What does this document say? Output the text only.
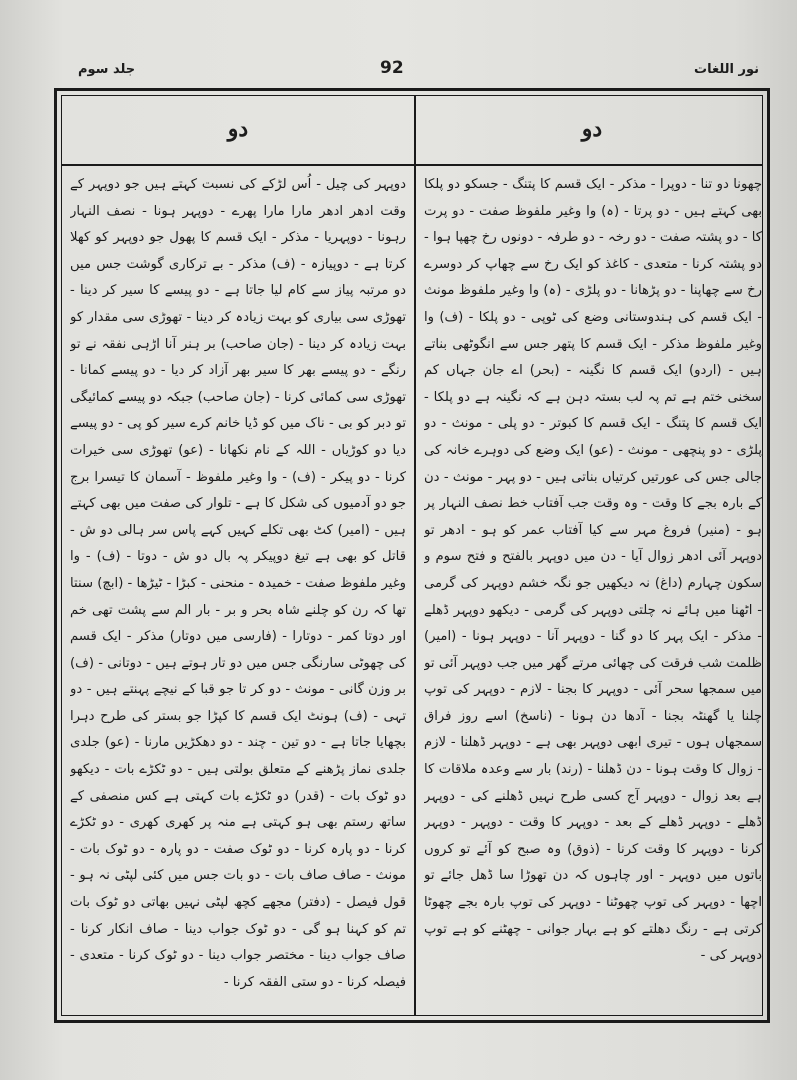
جلد سوم	92	نور اللغات
دو	دو

دوپہر کی چیل - اُس لڑکے کی نسبت کہتے ہیں جو دوپہر کے وقت ادھر ادھر مارا مارا پھرے - دوپہر ہونا - نصف النہار رہونا - دوپہریا - مذکر - ایک قسم کا پھول جو دوپہر کو کھلا کرتا ہے - دوپیازہ - (ف) مذکر - بے ترکاری گوشت جس میں دو مرتبہ پیاز سے کام لیا جاتا ہے - دو پیسے کا سیر کر دینا - تھوڑی سی بیاری کو بہت زیادہ کر دینا - تھوڑی سی مقدار کو بہت زیادہ کر دینا - (جان صاحب) بر ہنر آنا اڑہی نفقہ نے تو رنگے - دو پیسے بھر کا سیر بھر آزاد کر دیا - دو پیسے کمانا - تھوڑی سی کمائی کرنا - (جان صاحب) جبکہ دو پیسے کمائیگی تو دبر کو بی - ناک میں کو ڈیا خانم کرے سیر کو پی - دو پیسے دیا دو کوڑیاں - اللہ کے نام نکھانا - (عو) تھوڑی سی خیرات کرنا - دو پیکر - (ف) - وا وغیر ملفوظ - آسمان کا تیسرا برج جو دو آدمیوں کی شکل کا ہے - تلوار کی صفت میں بھی کہتے ہیں - (امیر) کٹ بھی تکلے کہیں کہے پاس سر ہالی دو ش - قاتل کو بھی ہے تیغ دوپیکر پہ بال دو ش - دوتا - (ف) - وا وغیر ملفوظ صفت - خمیدہ - منحنی - کبڑا - ٹیڑھا - (ابچ) سنتا تھا کہ رن کو چلنے شاہ بحر و بر - بار الم سے پشت تھی خم اور دوتا کمر - دوتارا - (فارسی میں دوتار) مذکر - ایک قسم کی چھوٹی سارنگی جس میں دو تار ہوتے ہیں - دوتانی - (ف) بر وزن گانی - مونث - دو کر تا جو قبا کے نیچے پہنتے ہیں - دو تہی - (ف) ہونٹ ایک قسم کا کپڑا جو بستر کی طرح دہرا بچھایا جاتا ہے - دو تین - چند - دو دھکڑیں مارنا - (عو) جلدی جلدی نماز پڑھنے کے متعلق بولتی ہیں - دو ٹکڑے بات - دیکھو دو ٹوک بات - (قدر) دو ٹکڑے بات کہتی ہے کس منصفی کے ساتھ رستم بھی ہو کہتی ہے منہ پر کھری کھری - دو ٹکڑے کرنا - دو پارہ کرنا - دو ٹوک صفت - دو پارہ - دو ٹوک بات - مونث - صاف صاف بات - دو بات جس میں کئی لپٹی نہ ہو - قول فیصل - (دفتر) مجھے کچھ لپٹی نہیں بھاتی دو ٹوک بات تم کو کہنا ہو گی - دو ٹوک جواب دینا - صاف انکار کرنا - صاف جواب دینا - مختصر جواب دینا - دو ٹوک کرنا - متعدی - فیصلہ کرنا - دو ستی الفقہ کرنا -

چھونا دو تنا - دوپرا - مذکر - ایک قسم کا پتنگ - جسکو دو پلکا بھی کہتے ہیں - دو پرتا - (ہ) وا وغیر ملفوظ صفت - دو پرت کا - دو پشتہ صفت - دو رخہ - دو طرفہ - دونوں رخ چھپا ہوا - دو پشتہ کرنا - متعدی - کاغذ کو ایک رخ سے چھاپ کر دوسرے رخ سے چھاپنا - دو پڑھانا - دو پلڑی - (ہ) وا وغیر ملفوظ مونث - ایک قسم کی ہندوستانی وضع کی ٹوپی - دو پلکا - (ف) وا وغیر ملفوظ مذکر - ایک قسم کا پتھر جس سے انگوٹھی بناتے ہیں - (اردو) ایک قسم کا نگینہ - (بحر) اے جان جہاں کم سخنی ختم ہے تم پہ لب بستہ دہن ہے کہ نگینہ ہے دو پلکا - ایک قسم کا پتنگ - ایک قسم کا کبوتر - دو پلی - مونث - دو پلڑی - دو پنچھی - مونث - (عو) ایک وضع کی دوہرے خانہ کی جالی جس کی عورتیں کرتیاں بناتی ہیں - دو پہر - مونث - دن کے بارہ بجے کا وقت - وہ وقت جب آفتاب خط نصف النہار پر ہو - (منیر) فروغ مہر سے کیا آفتاب عمر کو ہو - ادھر تو دوپہر آئی ادھر زوال آیا - دن میں دوپہر بالفتح و فتح سوم و سکون چہارم (داغ) نہ دیکھیں جو نگہ خشم دوپہر کی گرمی - اٹھنا میں ہائے نہ چلتی دوپہر کی گرمی - دیکھو دوپہر ڈھلے - مذکر - ایک پہر کا دو گنا - دوپہر آنا - دوپہر ہونا - (امیر) ظلمت شب فرقت کی چھائی مرتے گھر میں جب دوپہر آئی تو میں سمجھا سحر آئی - دوپہر کا بجنا - لازم - دوپہر کی توپ چلنا یا گھنٹہ بجنا - آدھا دن ہونا - (ناسخ) اسے روز فراق سمجھاں ہوں - تیری ابھی دوپہر بھی ہے - دوپہر ڈھلنا - لازم - زوال کا وقت ہونا - دن ڈھلنا - (رند) بار سے وعدہ ملاقات کا ہے بعد زوال - دوپہر آج کسی طرح نہیں ڈھلنے کی - دوپہر ڈھلے - دوپہر ڈھلے کے بعد - دوپہر کا وقت - دوپہر - دوپہر کرنا - دوپہر کا وقت کرنا - (ذوق) وہ صبح کو آئے تو کروں باتوں میں دوپہر - اور چاہوں کہ دن تھوڑا سا ڈھل جائے تو اچھا - دوپہر کی توپ چھوٹنا - دوپہر کی توپ بارہ بجے چھوٹا کرتی ہے - رنگ دھلتے کو ہے بہار جوانی - چھٹنے کو ہے توپ دوپہر کی -
